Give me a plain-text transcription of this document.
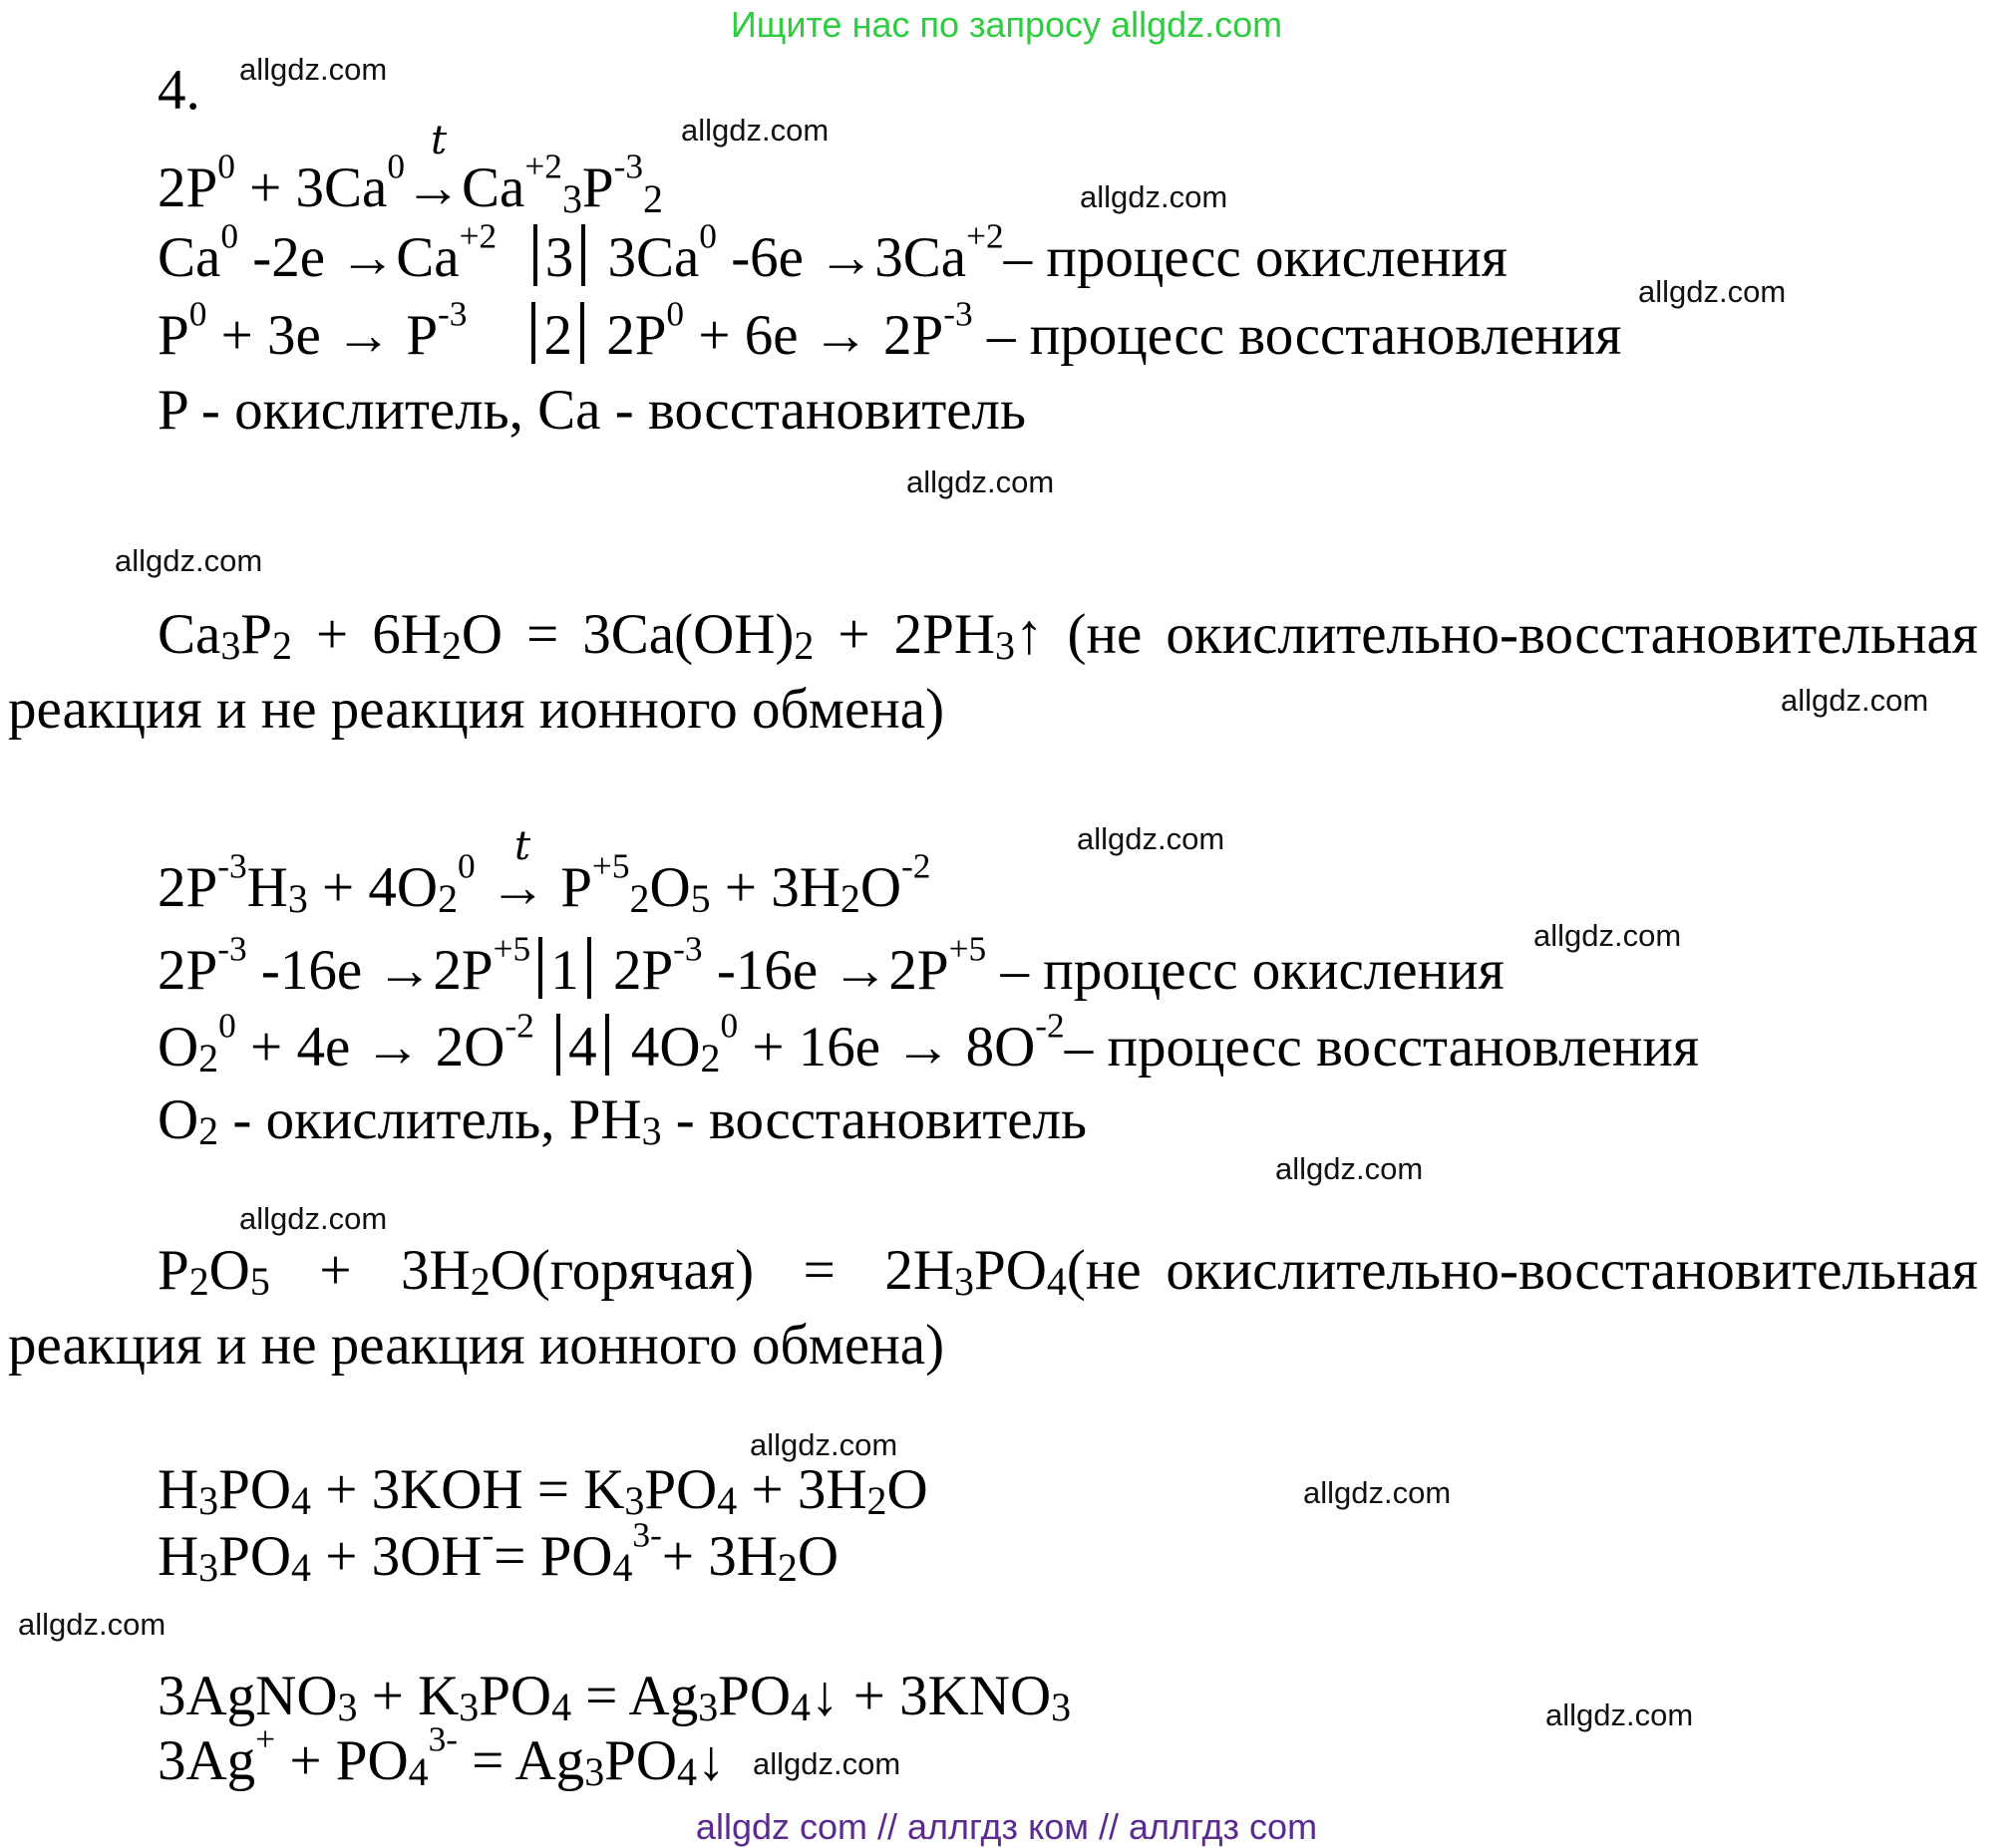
Ищите нас по запросу allgdz.com
allgdz.com
allgdz.com
allgdz.com
allgdz.com
allgdz.com
allgdz.com
allgdz.com
allgdz.com
allgdz.com
allgdz.com
allgdz.com
allgdz.com
allgdz.com
allgdz.com
allgdz.com
allgdz.com
4.
t
$2P^0 + 3Ca^0\to Ca^{+2}_3P^{-3}_2$
Ca$^0$ $-2e \to Ca^{+2}$ 3 3Ca$^0$ $-6e \to 3Ca^{+2}-$ процесс окисления
$P^0 + 3e \to P^{-3}$ 2 $2P^0 + 6e \to 2P^{-3}$ – процесс восстановления
P - окислитель, Ca - восстановитель
$Ca_3P_2 + 6H_2O = 3Ca(OH)_2$ + $2PH_3↑$ (не окислительно-восстановительная
реакция и не реакция ионного обмена)
t
$2P^{-3}H_3 + 4O_2^0 \to P^{+5}_2O_5 + 3H_2O^{-2}$
$2P^{-3}$ $-16e \to 2P^{+5}$ 1 $2P^{-3}$ $-16e \to 2P^{+5}$ – процесс окисления
$O_2^0 + 4e \to 2O^{-2}$ 4 $4O_2^0 + 16e \to 8O^{-2}-$ процесс восстановления
$O_2$ - окислитель, $PH_3$ - восстановитель
$P_2O_5$  +  $3H_2O(горячая) = 2H_3PO_4(не$ окислительно-восстановительная
реакция и не реакция ионного обмена)
$H_3PO_4 + 3KOH = K_3PO_4 + 3H_2O$
$H_3PO_4 + 3OH^-= PO_4^{3-}+ 3H_2O$
3AgNO$_3$ + $K_3PO_4$ = $Ag_3PO_4↓ + 3KNO_3$
$3Ag^+ + PO_4^{3-}$ = $Ag_3PO_4↓$
allgdz com // аллгдз ком // аллгдз com
